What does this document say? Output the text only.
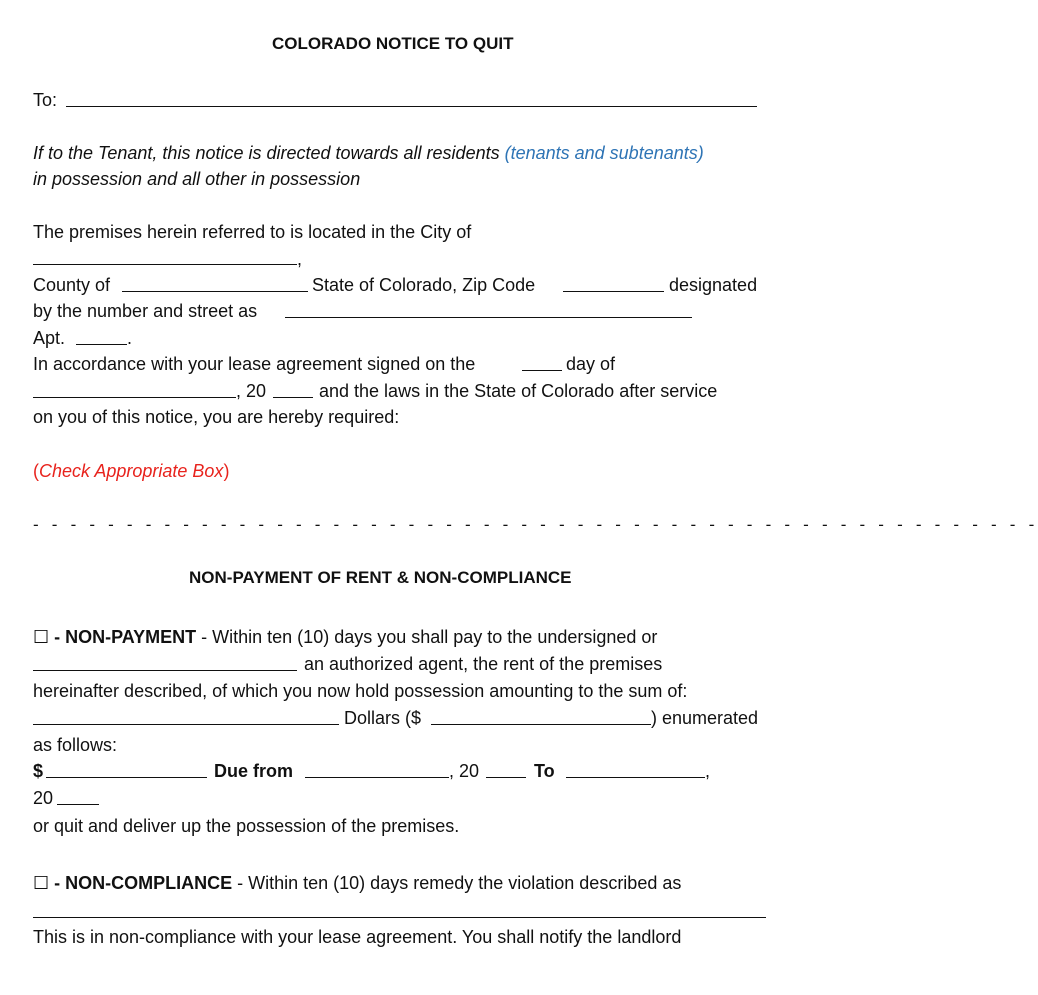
COLORADO NOTICE TO QUIT
To:
If to the Tenant, this notice is directed towards all residents (tenants and subtenants)
in possession and all other in possession
The premises herein referred to is located in the City of
,
County of	State of Colorado, Zip Code	designated
by the number and street as
Apt.	.
In accordance with your lease agreement signed on the	day of
, 20	and the laws in the State of Colorado after service
on you of this notice, you are hereby required:
(Check Appropriate Box)
- - - - - - - - - - - - - - - - - - - - - - - - - - - - - - - - - - - - - - - - - - - - - - - - - - - - - -
NON-PAYMENT OF RENT & NON-COMPLIANCE
☐ - NON-PAYMENT - Within ten (10) days you shall pay to the undersigned or
an authorized agent, the rent of the premises
hereinafter described, of which you now hold possession amounting to the sum of:
Dollars ($	) enumerated
as follows:
$	Due from	, 20	To	,
20
or quit and deliver up the possession of the premises.
☐ - NON-COMPLIANCE - Within ten (10) days remedy the violation described as
This is in non-compliance with your lease agreement. You shall notify the landlord
